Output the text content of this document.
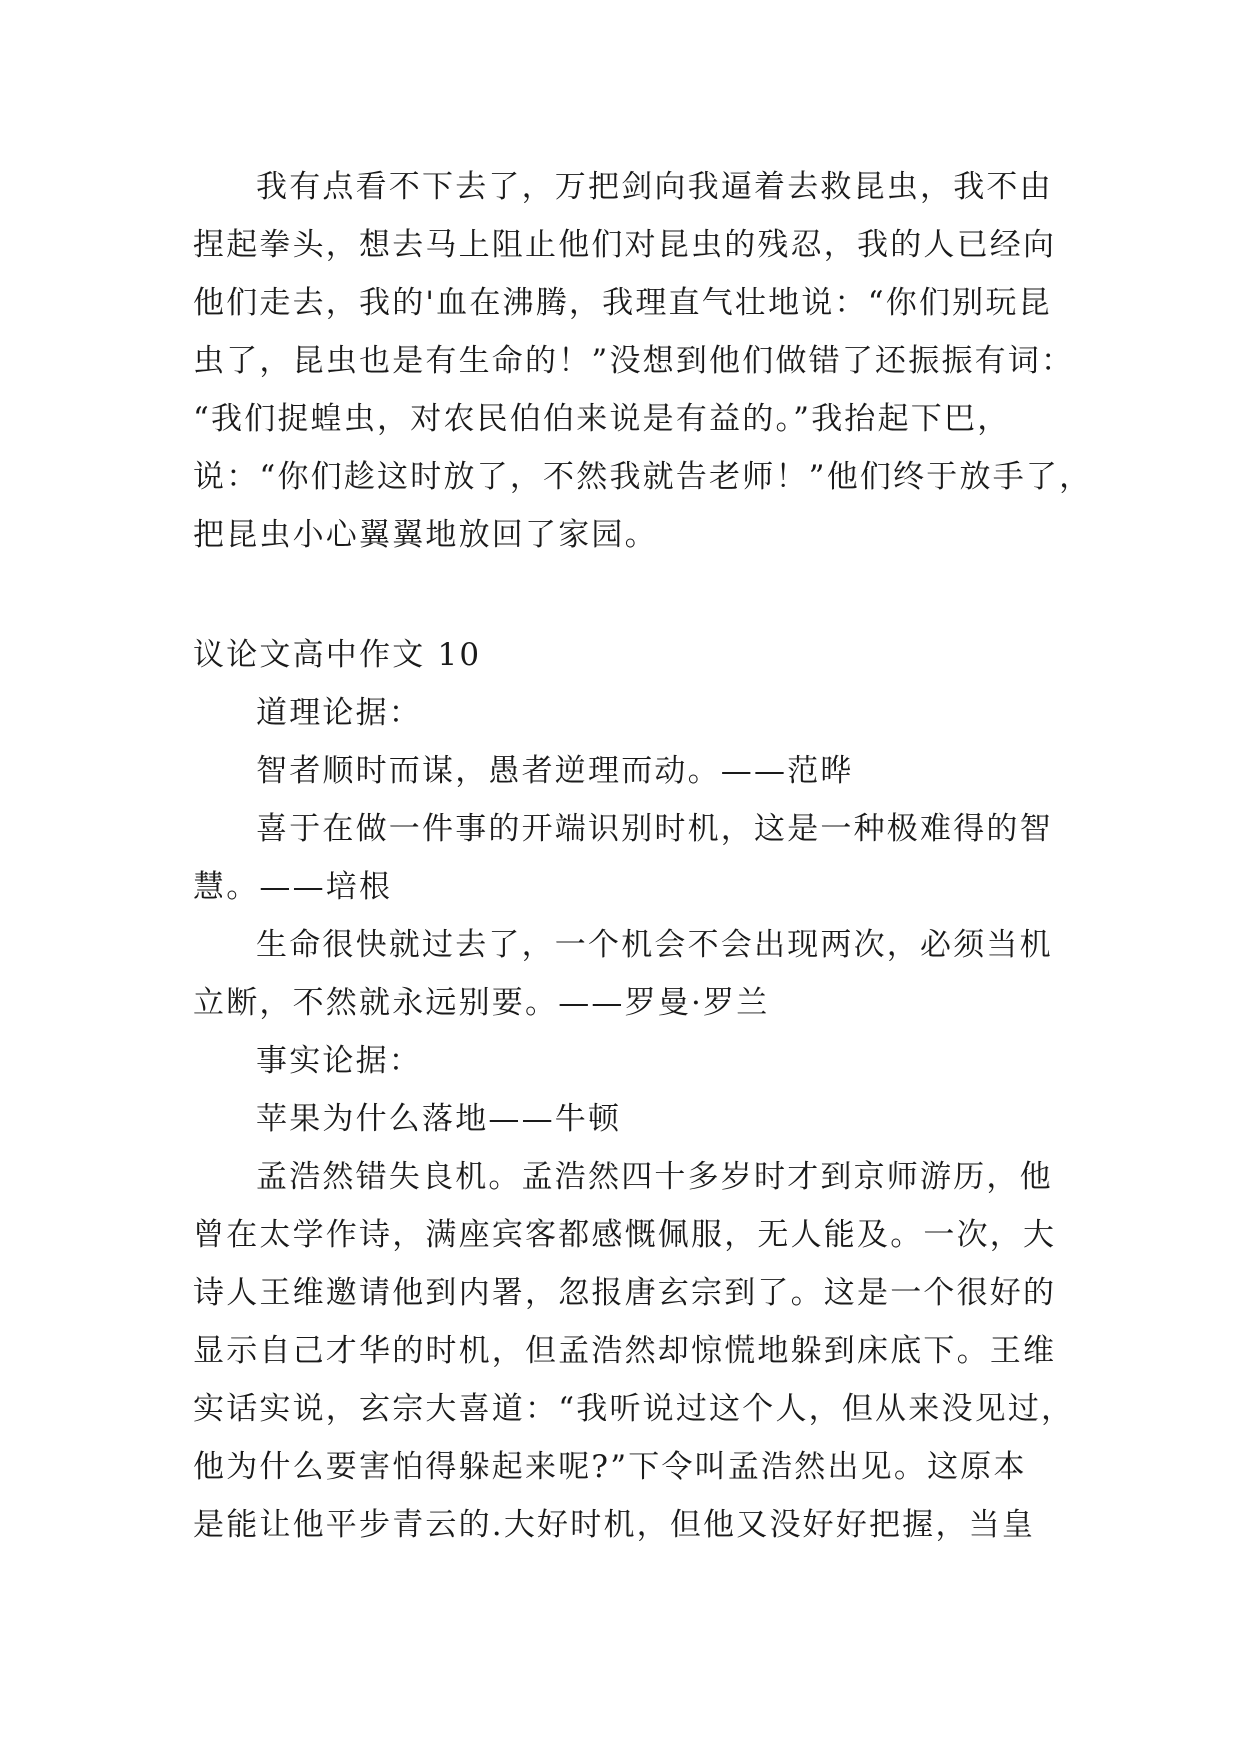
我有点看不下去了，万把剑向我逼着去救昆虫，我不由
捏起拳头，想去马上阻止他们对昆虫的残忍，我的人已经向
他们走去，我的'血在沸腾，我理直气壮地说：“你们别玩昆
虫了，昆虫也是有生命的！”没想到他们做错了还振振有词：
“我们捉蝗虫，对农民伯伯来说是有益的。”我抬起下巴，
说：“你们趁这时放了，不然我就告老师！”他们终于放手了，
把昆虫小心翼翼地放回了家园。
议论文高中作文 10
道理论据：
智者顺时而谋，愚者逆理而动。——范晔
喜于在做一件事的开端识别时机，这是一种极难得的智
慧。——培根
生命很快就过去了，一个机会不会出现两次，必须当机
立断，不然就永远别要。——罗曼·罗兰
事实论据：
苹果为什么落地——牛顿
孟浩然错失良机。孟浩然四十多岁时才到京师游历，他
曾在太学作诗，满座宾客都感慨佩服，无人能及。一次，大
诗人王维邀请他到内署，忽报唐玄宗到了。这是一个很好的
显示自己才华的时机，但孟浩然却惊慌地躲到床底下。王维
实话实说，玄宗大喜道：“我听说过这个人，但从来没见过，
他为什么要害怕得躲起来呢?”下令叫孟浩然出见。这原本
是能让他平步青云的.大好时机，但他又没好好把握，当皇
